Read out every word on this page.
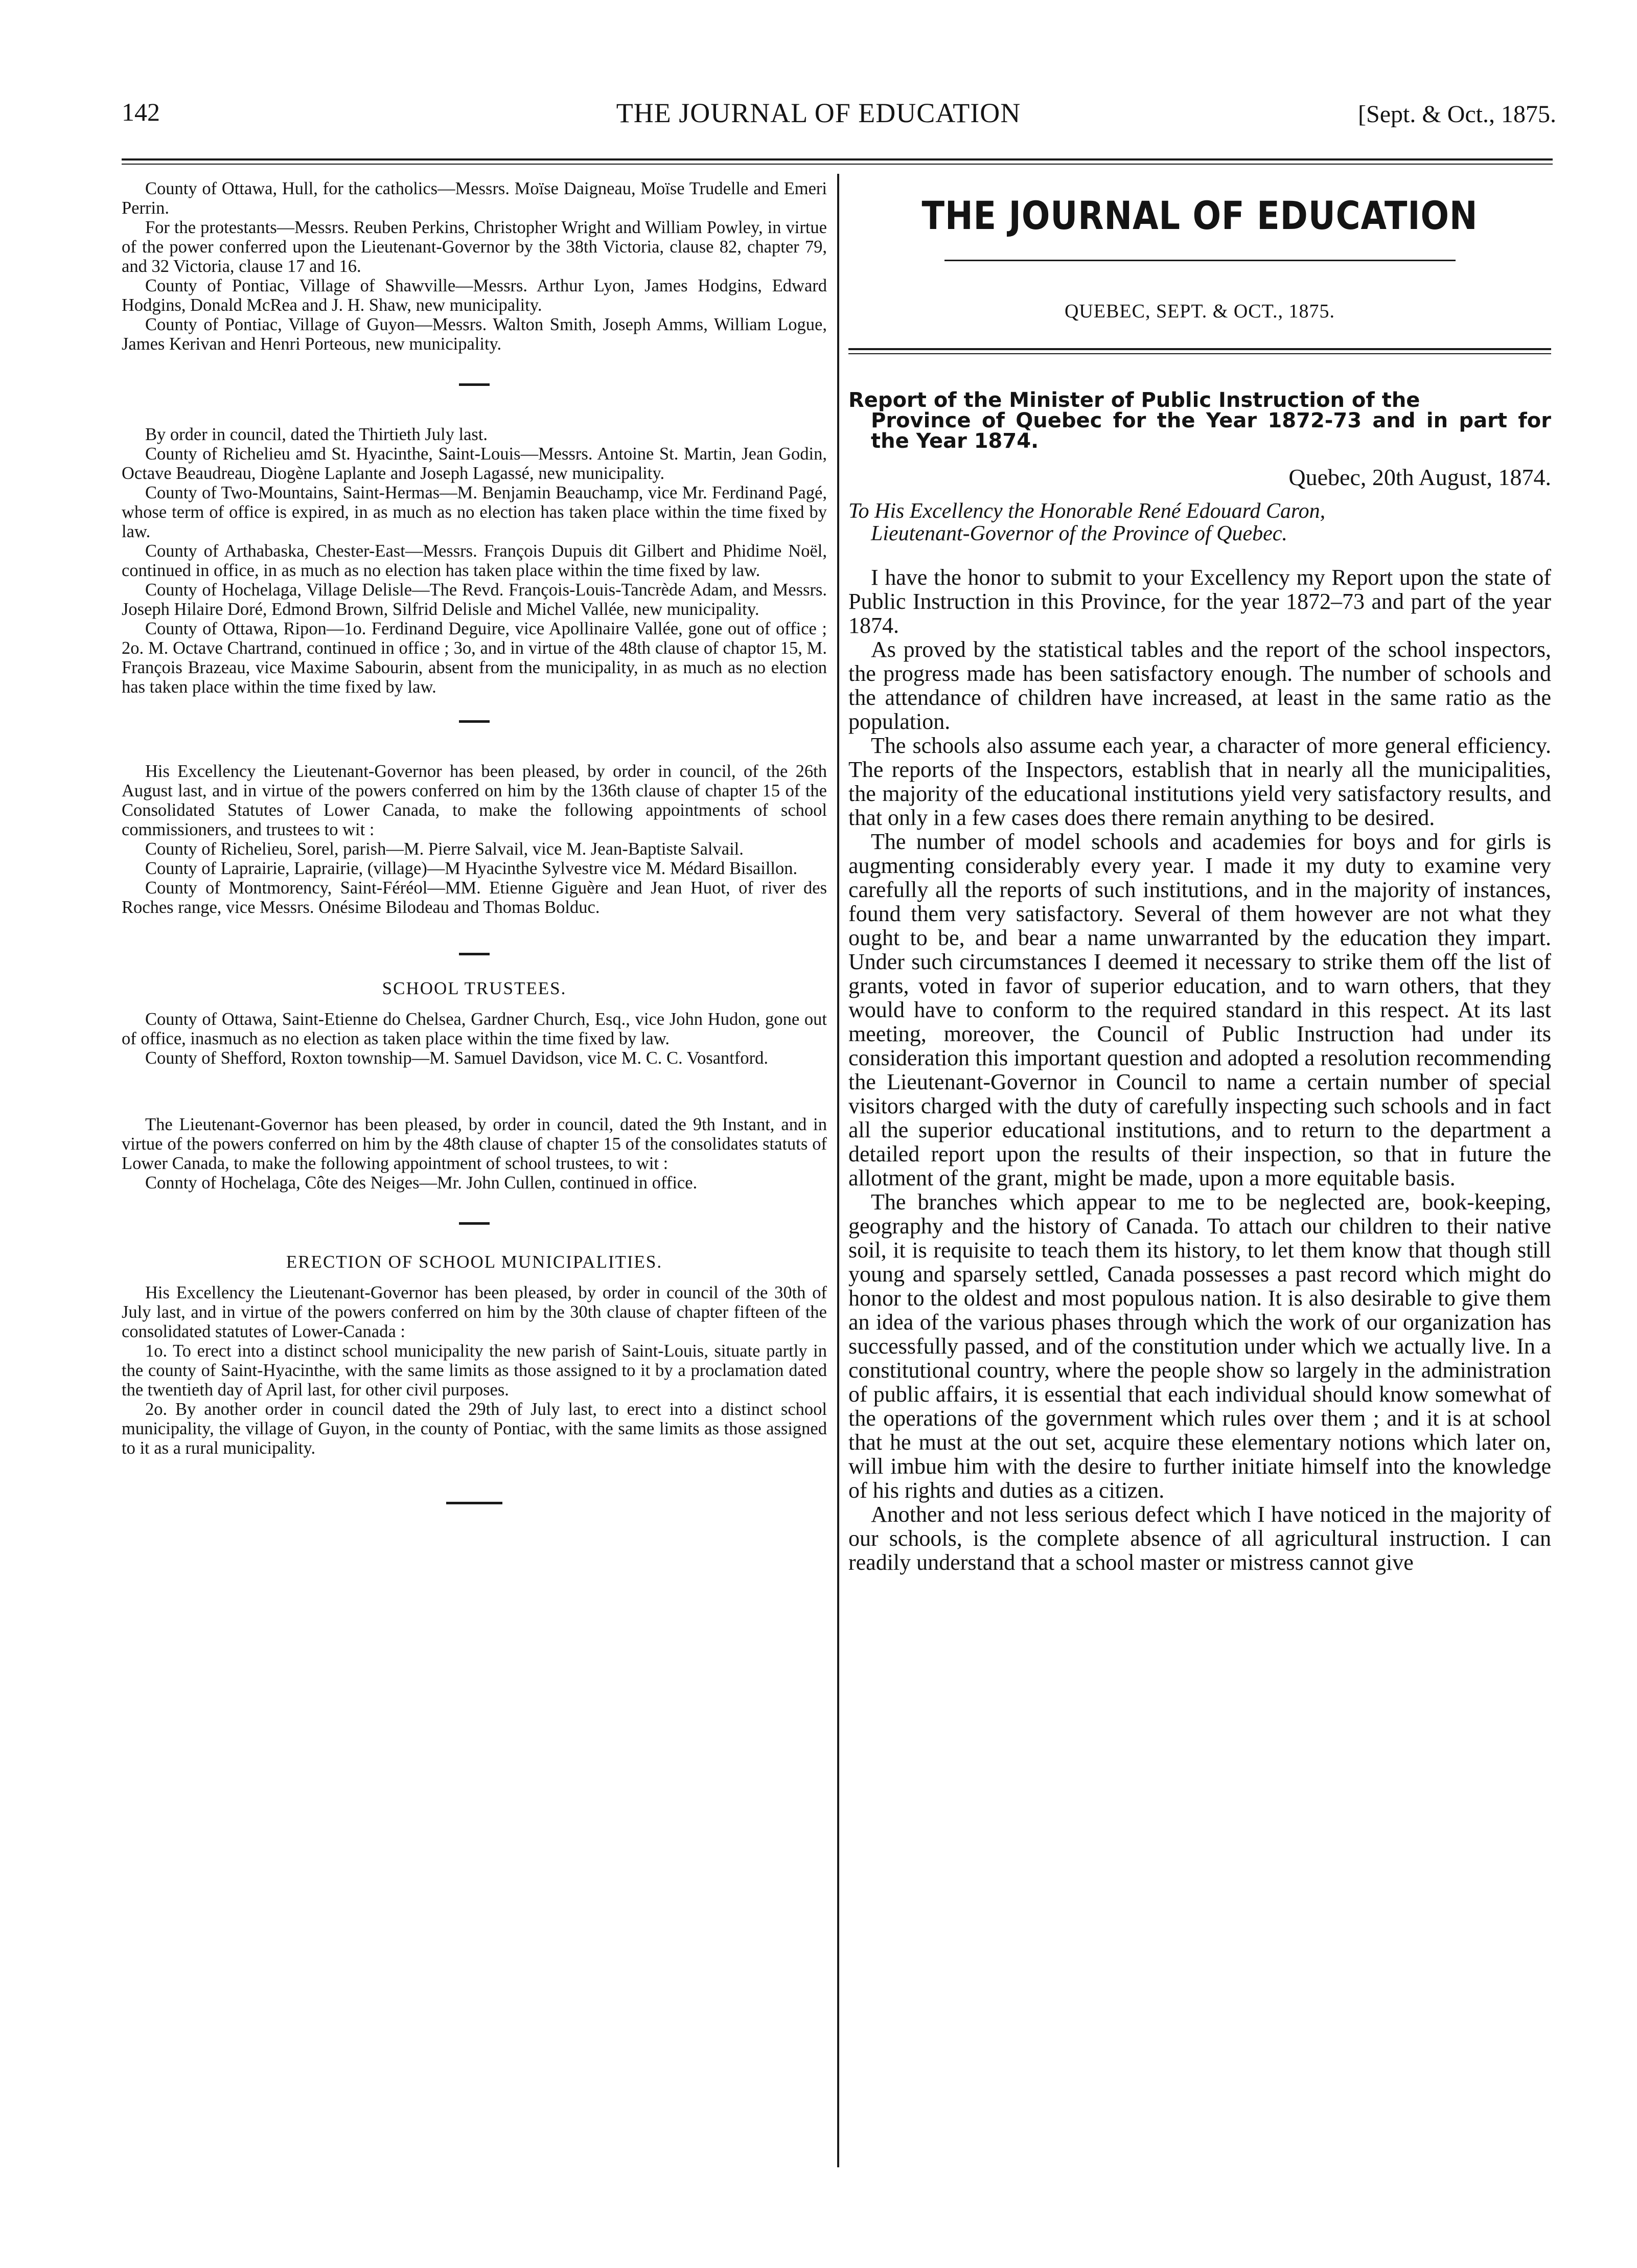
142	THE JOURNAL OF EDUCATION	[Sept. & Oct., 1875.

County of Ottawa, Hull, for the catholics—Messrs. Moïse Daigneau, Moïse Trudelle and Emeri Perrin.

For the protestants—Messrs. Reuben Perkins, Christopher Wright and William Powley, in virtue of the power conferred upon the Lieutenant-Governor by the 38th Victoria, clause 82, chapter 79, and 32 Victoria, clause 17 and 16.

County of Pontiac, Village of Shawville—Messrs. Arthur Lyon, James Hodgins, Edward Hodgins, Donald McRea and J. H. Shaw, new municipality.

County of Pontiac, Village of Guyon—Messrs. Walton Smith, Joseph Amms, William Logue, James Kerivan and Henri Porteous, new municipality.

By order in council, dated the Thirtieth July last.

County of Richelieu amd St. Hyacinthe, Saint-Louis—Messrs. Antoine St. Martin, Jean Godin, Octave Beaudreau, Diogène Laplante and Joseph Lagassé, new municipality.

County of Two-Mountains, Saint-Hermas—M. Benjamin Beauchamp, vice Mr. Ferdinand Pagé, whose term of office is expired, in as much as no election has taken place within the time fixed by law.

County of Arthabaska, Chester-East—Messrs. François Dupuis dit Gilbert and Phidime Noël, continued in office, in as much as no election has taken place within the time fixed by law.

County of Hochelaga, Village Delisle—The Revd. François-Louis-Tancrède Adam, and Messrs. Joseph Hilaire Doré, Edmond Brown, Silfrid Delisle and Michel Vallée, new municipality.

County of Ottawa, Ripon—1o. Ferdinand Deguire, vice Apollinaire Vallée, gone out of office ; 2o. M. Octave Chartrand, continued in office ; 3o, and in virtue of the 48th clause of chaptor 15, M. François Brazeau, vice Maxime Sabourin, absent from the municipality, in as much as no election has taken place within the time fixed by law.

His Excellency the Lieutenant-Governor has been pleased, by order in council, of the 26th August last, and in virtue of the powers conferred on him by the 136th clause of chapter 15 of the Consolidated Statutes of Lower Canada, to make the following appointments of school commissioners, and trustees to wit :

County of Richelieu, Sorel, parish—M. Pierre Salvail, vice M. Jean-Baptiste Salvail.

County of Laprairie, Laprairie, (village)—M Hyacinthe Sylvestre vice M. Médard Bisaillon.

County of Montmorency, Saint-Féréol—MM. Etienne Giguère and Jean Huot, of river des Roches range, vice Messrs. Onésime Bilodeau and Thomas Bolduc.

SCHOOL TRUSTEES.

County of Ottawa, Saint-Etienne do Chelsea, Gardner Church, Esq., vice John Hudon, gone out of office, inasmuch as no election as taken place within the time fixed by law.

County of Shefford, Roxton township—M. Samuel Davidson, vice M. C. C. Vosantford.

The Lieutenant-Governor has been pleased, by order in council, dated the 9th Instant, and in virtue of the powers conferred on him by the 48th clause of chapter 15 of the consolidates statuts of Lower Canada, to make the following appointment of school trustees, to wit :

Connty of Hochelaga, Côte des Neiges—Mr. John Cullen, continued in office.

ERECTION OF SCHOOL MUNICIPALITIES.

His Excellency the Lieutenant-Governor has been pleased, by order in council of the 30th of July last, and in virtue of the powers conferred on him by the 30th clause of chapter fifteen of the consolidated statutes of Lower-Canada :

1o. To erect into a distinct school municipality the new parish of Saint-Louis, situate partly in the county of Saint-Hyacinthe, with the same limits as those assigned to it by a proclamation dated the twentieth day of April last, for other civil purposes.

2o. By another order in council dated the 29th of July last, to erect into a distinct school municipality, the village of Guyon, in the county of Pontiac, with the same limits as those assigned to it as a rural municipality.

THE JOURNAL OF EDUCATION
QUEBEC, SEPT. & OCT., 1875.
Report of the Minister of Public Instruction of the
Province of Quebec for the Year 1872-73 and in part for the Year 1874.
Quebec, 20th August, 1874.
To His Excellency the Honorable René Edouard Caron,
Lieutenant-Governor of the Province of Quebec.

I have the honor to submit to your Excellency my Report upon the state of Public Instruction in this Province, for the year 1872–73 and part of the year 1874.

As proved by the statistical tables and the report of the school inspectors, the progress made has been satisfactory enough. The number of schools and the attendance of children have increased, at least in the same ratio as the population.

The schools also assume each year, a character of more general efficiency. The reports of the Inspectors, establish that in nearly all the municipalities, the majority of the educational institutions yield very satisfactory results, and that only in a few cases does there remain anything to be desired.

The number of model schools and academies for boys and for girls is augmenting considerably every year. I made it my duty to examine very carefully all the reports of such institutions, and in the majority of instances, found them very satisfactory. Several of them however are not what they ought to be, and bear a name unwarranted by the education they impart. Under such circumstances I deemed it necessary to strike them off the list of grants, voted in favor of superior education, and to warn others, that they would have to conform to the required standard in this respect. At its last meeting, moreover, the Council of Public Instruction had under its consideration this important question and adopted a resolution recommending the Lieutenant-Governor in Council to name a certain number of special visitors charged with the duty of carefully inspecting such schools and in fact all the superior educational institutions, and to return to the department a detailed report upon the results of their inspection, so that in future the allotment of the grant, might be made, upon a more equitable basis.

The branches which appear to me to be neglected are, book-keeping, geography and the history of Canada. To attach our children to their native soil, it is requisite to teach them its history, to let them know that though still young and sparsely settled, Canada possesses a past record which might do honor to the oldest and most populous nation. It is also desirable to give them an idea of the various phases through which the work of our organization has successfully passed, and of the constitution under which we actually live. In a constitutional country, where the people show so largely in the administration of public affairs, it is essential that each individual should know somewhat of the operations of the government which rules over them ; and it is at school that he must at the out set, acquire these elementary notions which later on, will imbue him with the desire to further initiate himself into the knowledge of his rights and duties as a citizen.

Another and not less serious defect which I have noticed in the majority of our schools, is the complete absence of all agricultural instruction. I can readily understand that a school master or mistress cannot give
